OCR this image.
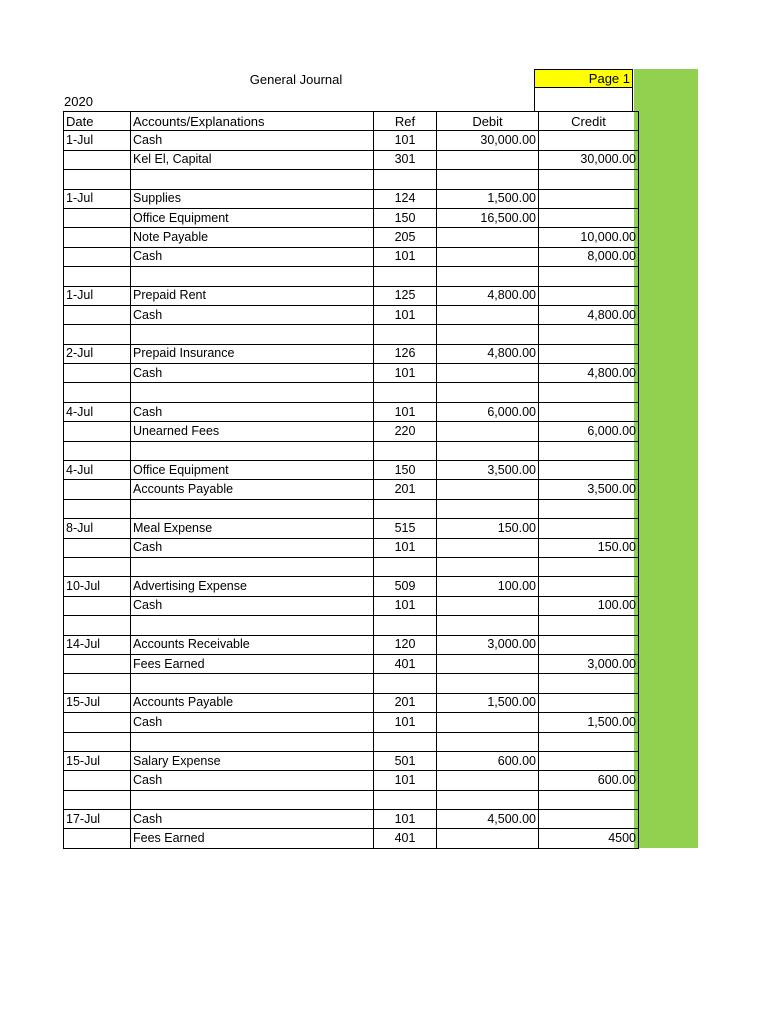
General Journal	Page 1
2020
Date	Accounts/Explanations	Ref	Debit	Credit
1-Jul	Cash	101	30,000.00	
	Kel El, Capital	301		30,000.00

1-Jul	Supplies	124	1,500.00	
	Office Equipment	150	16,500.00	
	Note Payable	205		10,000.00
	Cash	101		8,000.00

1-Jul	Prepaid Rent	125	4,800.00	
	Cash	101		4,800.00

2-Jul	Prepaid Insurance	126	4,800.00	
	Cash	101		4,800.00

4-Jul	Cash	101	6,000.00	
	Unearned Fees	220		6,000.00

4-Jul	Office Equipment	150	3,500.00	
	Accounts Payable	201		3,500.00

8-Jul	Meal Expense	515	150.00	
	Cash	101		150.00

10-Jul	Advertising Expense	509	100.00	
	Cash	101		100.00

14-Jul	Accounts Receivable	120	3,000.00	
	Fees Earned	401		3,000.00

15-Jul	Accounts Payable	201	1,500.00	
	Cash	101		1,500.00

15-Jul	Salary Expense	501	600.00	
	Cash	101		600.00

17-Jul	Cash	101	4,500.00	
	Fees Earned	401		4500
